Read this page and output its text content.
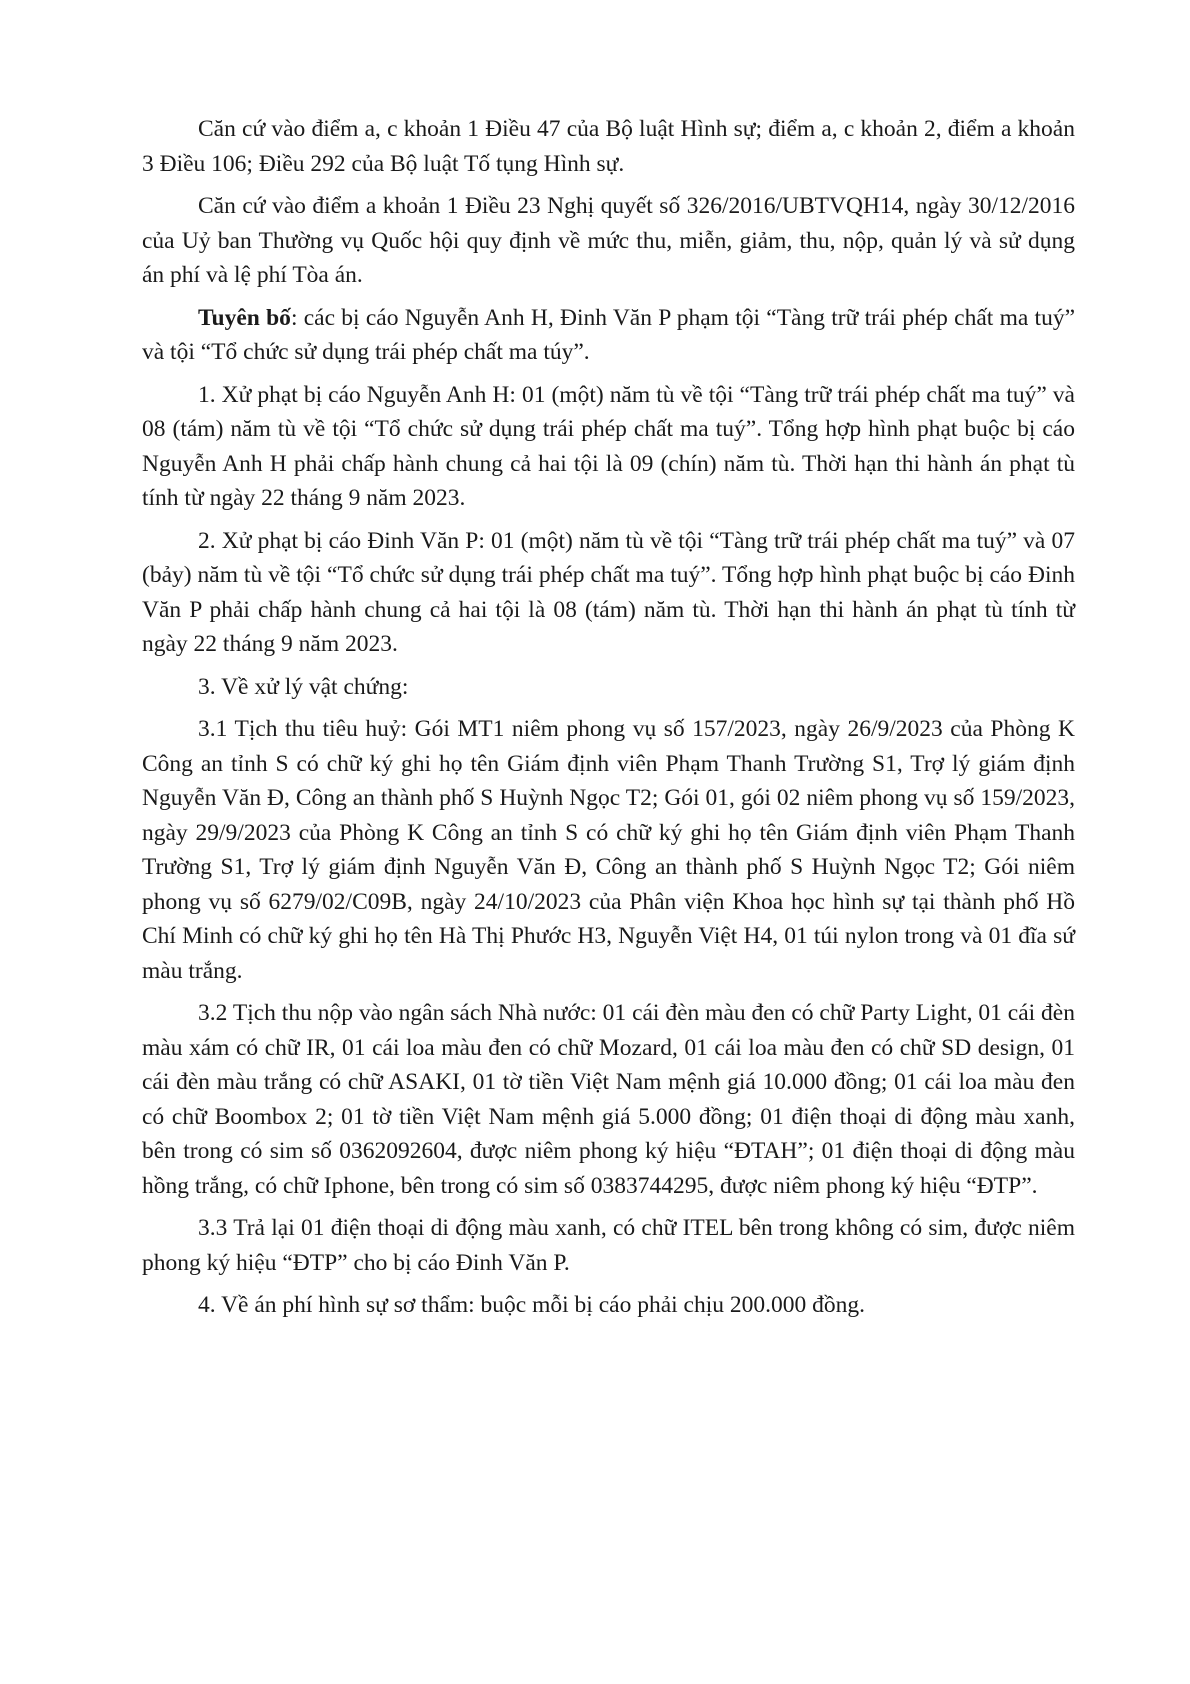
Căn cứ vào điểm a, c khoản 1 Điều 47 của Bộ luật Hình sự; điểm a, c khoản 2, điểm a khoản 3 Điều 106; Điều 292 của Bộ luật Tố tụng Hình sự.

Căn cứ vào điểm a khoản 1 Điều 23 Nghị quyết số 326/2016/UBTVQH14, ngày 30/12/2016 của Uỷ ban Thường vụ Quốc hội quy định về mức thu, miễn, giảm, thu, nộp, quản lý và sử dụng án phí và lệ phí Tòa án.

Tuyên bố: các bị cáo Nguyễn Anh H, Đinh Văn P phạm tội “Tàng trữ trái phép chất ma tuý” và tội “Tổ chức sử dụng trái phép chất ma túy”.

1. Xử phạt bị cáo Nguyễn Anh H: 01 (một) năm tù về tội “Tàng trữ trái phép chất ma tuý” và 08 (tám) năm tù về tội “Tổ chức sử dụng trái phép chất ma tuý”. Tổng hợp hình phạt buộc bị cáo Nguyễn Anh H phải chấp hành chung cả hai tội là 09 (chín) năm tù. Thời hạn thi hành án phạt tù tính từ ngày 22 tháng 9 năm 2023.

2. Xử phạt bị cáo Đinh Văn P: 01 (một) năm tù về tội “Tàng trữ trái phép chất ma tuý” và 07 (bảy) năm tù về tội “Tổ chức sử dụng trái phép chất ma tuý”. Tổng hợp hình phạt buộc bị cáo Đinh Văn P phải chấp hành chung cả hai tội là 08 (tám) năm tù. Thời hạn thi hành án phạt tù tính từ ngày 22 tháng 9 năm 2023.

3. Về xử lý vật chứng:

3.1 Tịch thu tiêu huỷ: Gói MT1 niêm phong vụ số 157/2023, ngày 26/9/2023 của Phòng K Công an tỉnh S có chữ ký ghi họ tên Giám định viên Phạm Thanh Trường S1, Trợ lý giám định Nguyễn Văn Đ, Công an thành phố S Huỳnh Ngọc T2; Gói 01, gói 02 niêm phong vụ số 159/2023, ngày 29/9/2023 của Phòng K Công an tỉnh S có chữ ký ghi họ tên Giám định viên Phạm Thanh Trường S1, Trợ lý giám định Nguyễn Văn Đ, Công an thành phố S Huỳnh Ngọc T2; Gói niêm phong vụ số 6279/02/C09B, ngày 24/10/2023 của Phân viện Khoa học hình sự tại thành phố Hồ Chí Minh có chữ ký ghi họ tên Hà Thị Phước H3, Nguyễn Việt H4, 01 túi nylon trong và 01 đĩa sứ màu trắng.

3.2 Tịch thu nộp vào ngân sách Nhà nước: 01 cái đèn màu đen có chữ Party Light, 01 cái đèn màu xám có chữ IR, 01 cái loa màu đen có chữ Mozard, 01 cái loa màu đen có chữ SD design, 01 cái đèn màu trắng có chữ ASAKI, 01 tờ tiền Việt Nam mệnh giá 10.000 đồng; 01 cái loa màu đen có chữ Boombox 2; 01 tờ tiền Việt Nam mệnh giá 5.000 đồng; 01 điện thoại di động màu xanh, bên trong có sim số 0362092604, được niêm phong ký hiệu “ĐTAH”; 01 điện thoại di động màu hồng trắng, có chữ Iphone, bên trong có sim số 0383744295, được niêm phong ký hiệu “ĐTP”.

3.3 Trả lại 01 điện thoại di động màu xanh, có chữ ITEL bên trong không có sim, được niêm phong ký hiệu “ĐTP” cho bị cáo Đinh Văn P.

4. Về án phí hình sự sơ thẩm: buộc mỗi bị cáo phải chịu 200.000 đồng.
